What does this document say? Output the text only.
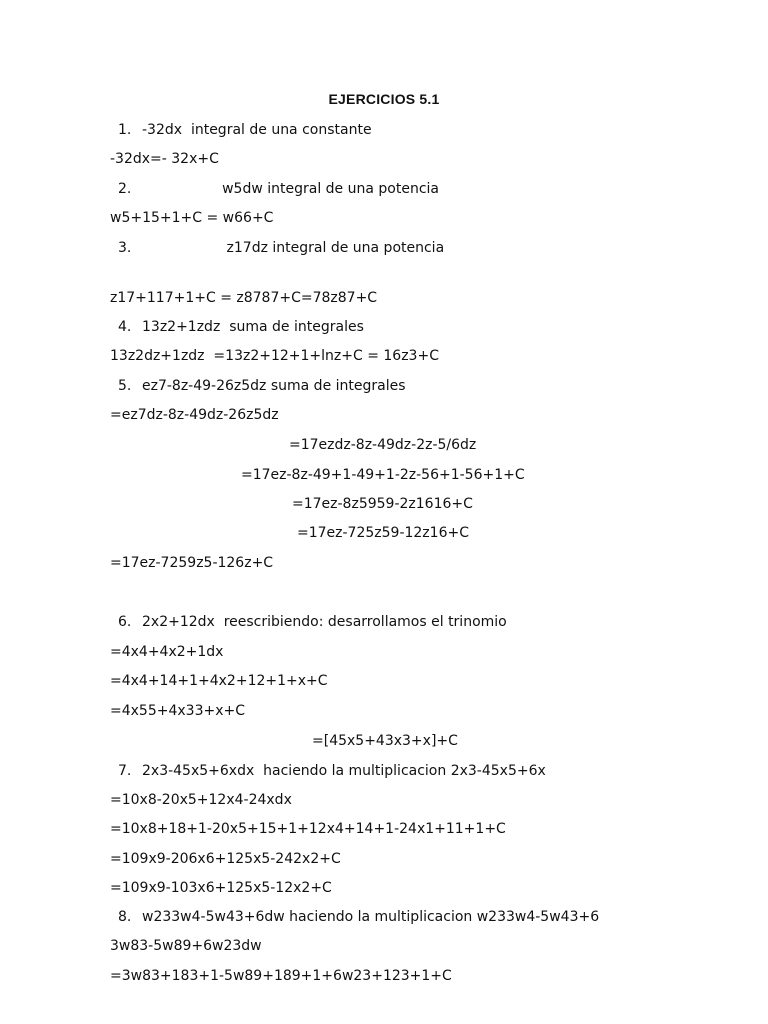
EJERCICIOS 5.1
1. -32dx  integral de una constante
-32dx=- 32x+C
2.                  w5dw integral de una potencia
w5+15+1+C = w66+C
3.                   z17dz integral de una potencia
z17+117+1+C = z8787+C=78z87+C
4. 13z2+1zdz  suma de integrales
13z2dz+1zdz  =13z2+12+1+lnz+C = 16z3+C
5. ez7-8z-49-26z5dz suma de integrales
=ez7dz-8z-49dz-26z5dz
=17ezdz-8z-49dz-2z-5/6dz
=17ez-8z-49+1-49+1-2z-56+1-56+1+C
=17ez-8z5959-2z1616+C
=17ez-725z59-12z16+C
=17ez-7259z5-126z+C
6. 2x2+12dx  reescribiendo: desarrollamos el trinomio
=4x4+4x2+1dx
=4x4+14+1+4x2+12+1+x+C
=4x55+4x33+x+C
=[45x5+43x3+x]+C
7. 2x3-45x5+6xdx  haciendo la multiplicacion 2x3-45x5+6x
=10x8-20x5+12x4-24xdx
=10x8+18+1-20x5+15+1+12x4+14+1-24x1+11+1+C
=109x9-206x6+125x5-242x2+C
=109x9-103x6+125x5-12x2+C
8. w233w4-5w43+6dw haciendo la multiplicacion w233w4-5w43+6
3w83-5w89+6w23dw
=3w83+183+1-5w89+189+1+6w23+123+1+C
